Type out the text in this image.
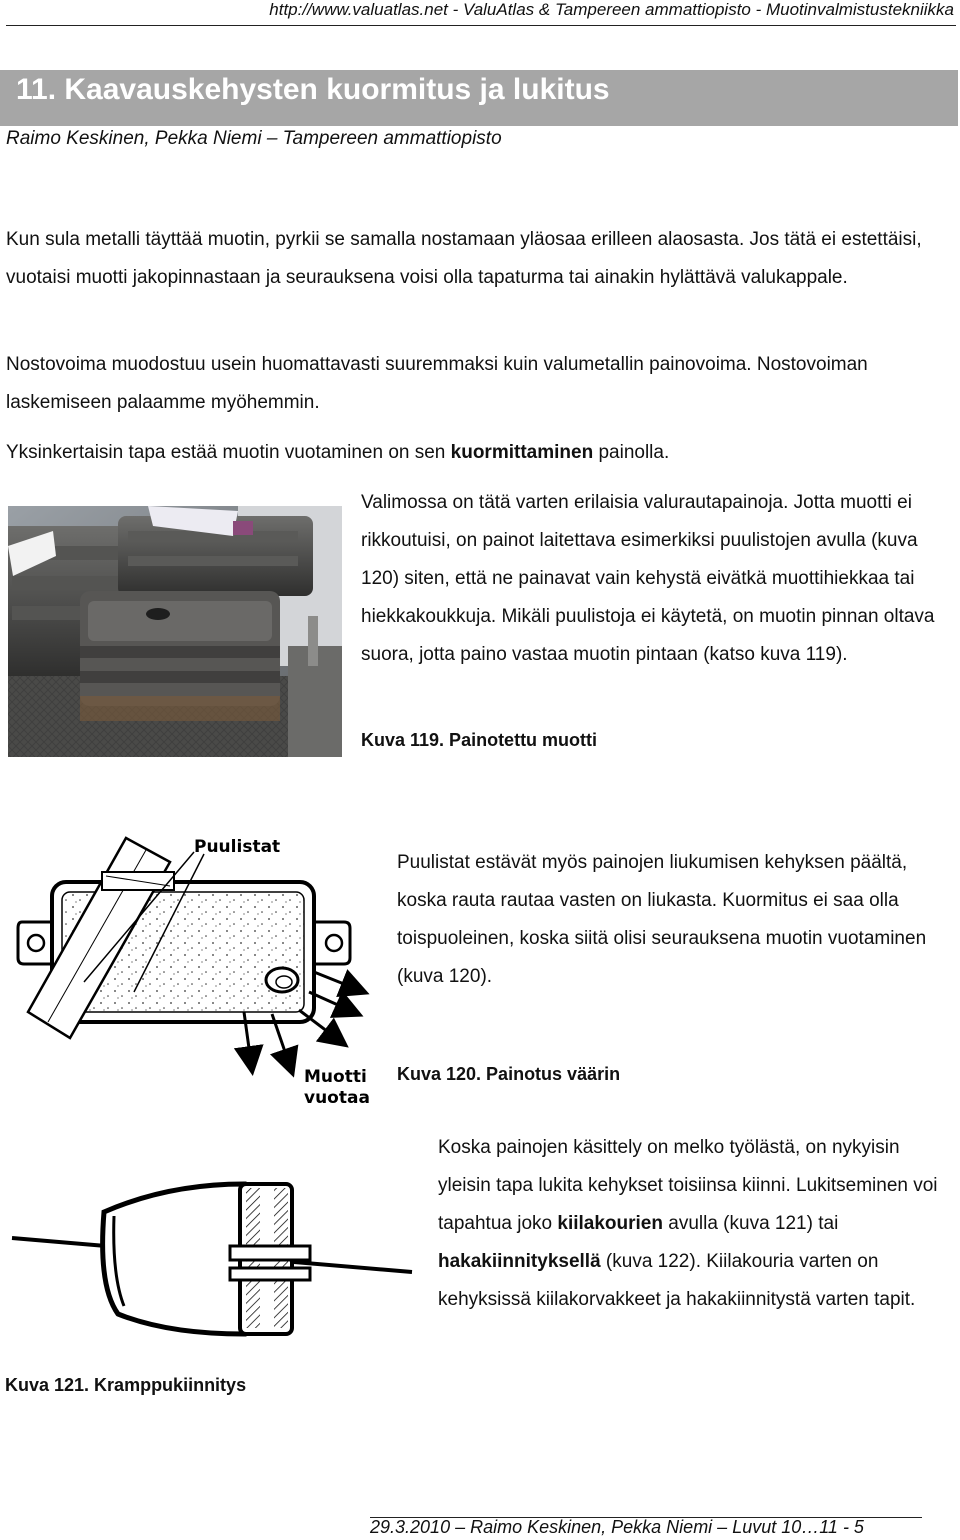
http://www.valuatlas.net - ValuAtlas & Tampereen ammattiopisto - Muotinvalmistustekniikka
11. Kaavauskehysten kuormitus ja lukitus
Raimo Keskinen, Pekka Niemi – Tampereen ammattiopisto
Kun sula metalli täyttää muotin, pyrkii se samalla nostamaan yläosaa erilleen alaosasta. Jos tätä ei estettäisi, vuotaisi muotti jakopinnastaan ja seurauksena voisi olla tapaturma tai ainakin hylättävä valukappale.
Nostovoima muodostuu usein huomattavasti suuremmaksi kuin valumetallin painovoima. Nostovoiman laskemiseen palaamme myöhemmin.
Yksinkertaisin tapa estää muotin vuotaminen on sen kuormittaminen painolla.
Valimossa on tätä varten erilaisia valurautapainoja. Jotta muotti ei rikkoutuisi, on painot laitettava esimerkiksi puulistojen avulla (kuva 120) siten, että ne painavat vain kehystä eivätkä muottihiekkaa tai hiekkakoukkuja. Mikäli puulistoja ei käytetä, on muotin pinnan oltava suora, jotta paino vastaa muotin pintaan (katso kuva 119).
Kuva 119. Painotettu muotti
Puulistat
Muotti
vuotaa
Puulistat estävät myös painojen liukumisen kehyksen päältä, koska rauta rautaa vasten on liukasta. Kuormitus ei saa olla toispuoleinen, koska siitä olisi seurauksena muotin vuotaminen (kuva 120).
Kuva 120. Painotus väärin
Koska painojen käsittely on melko työlästä, on nykyisin yleisin tapa lukita kehykset toisiinsa kiinni. Lukitseminen voi tapahtua joko kiilakourien avulla (kuva 121) tai hakakiinnityksellä (kuva 122). Kiilakouria varten on kehyksissä kiilakorvakkeet ja hakakiinnitystä varten tapit.
Kuva 121. Kramppukiinnitys
29.3.2010 – Raimo Keskinen, Pekka Niemi – Luvut 10…11 - 5
